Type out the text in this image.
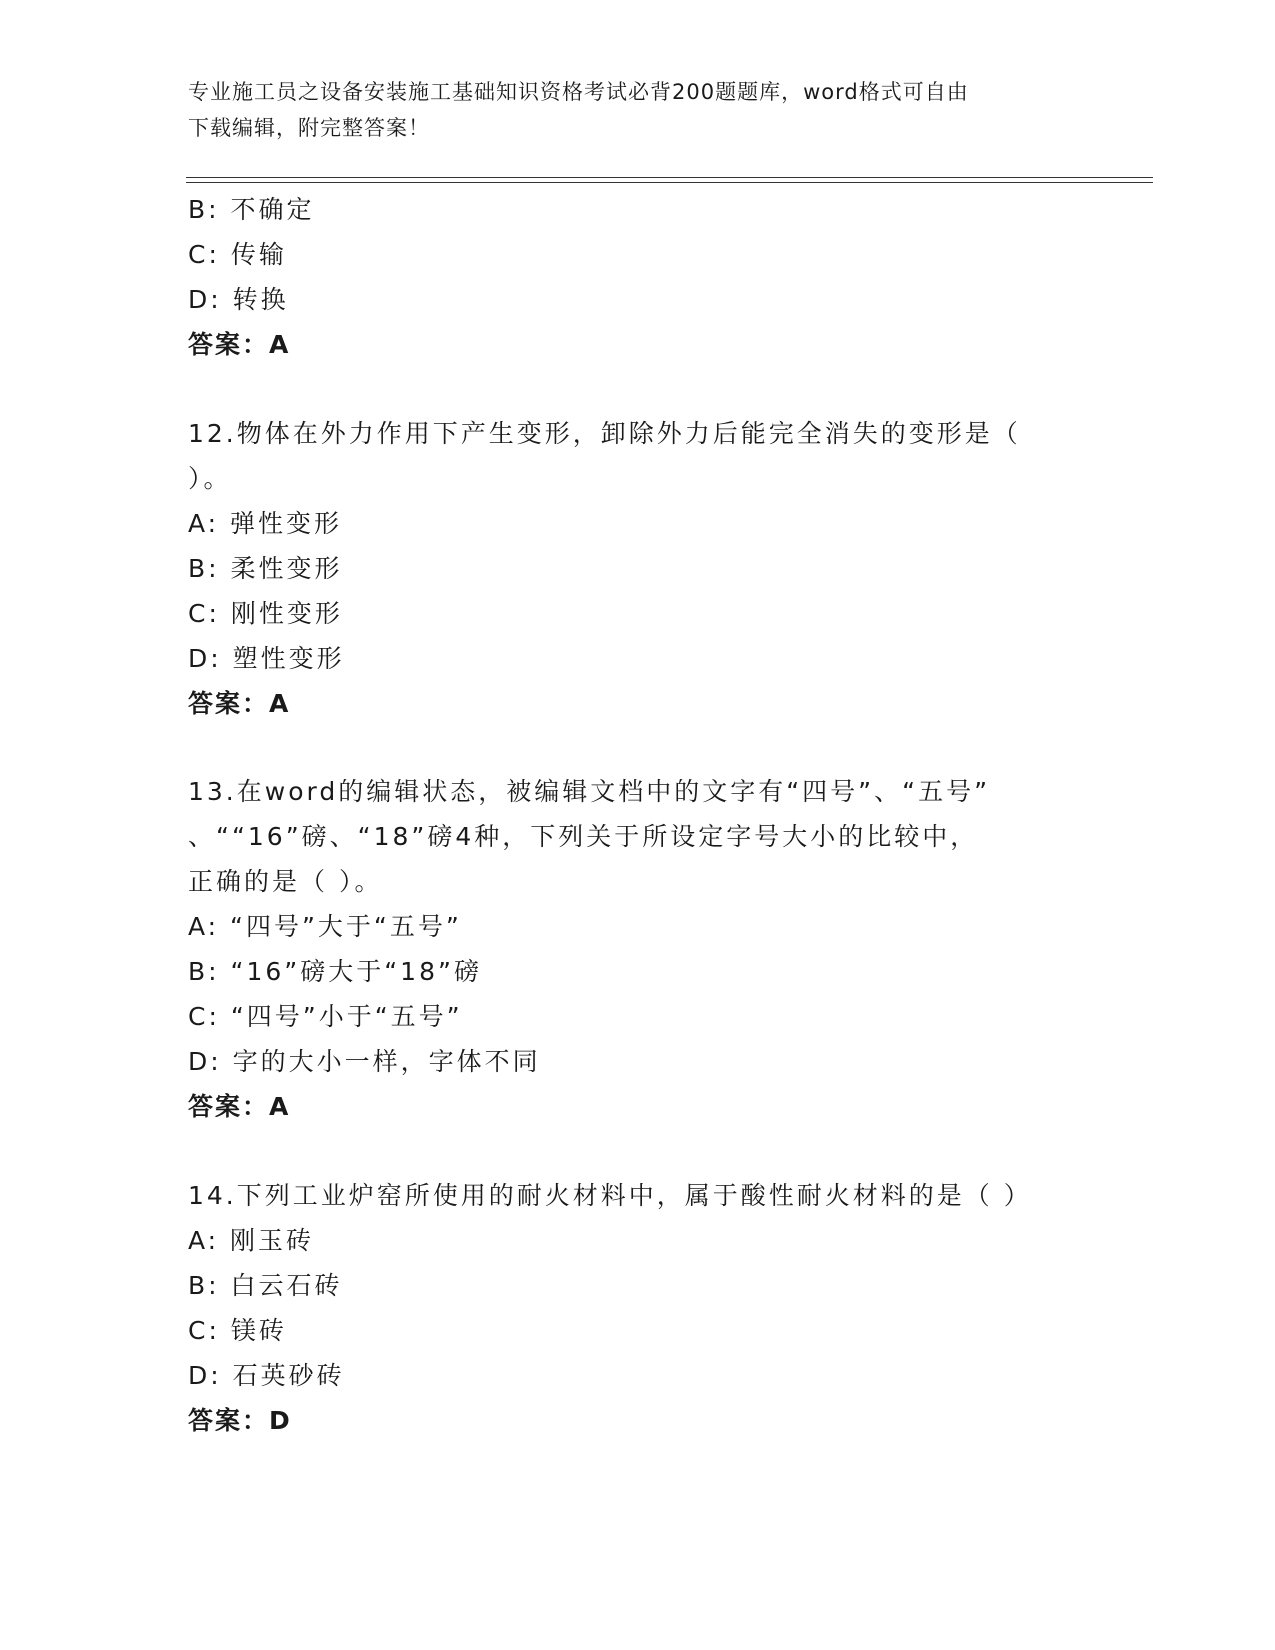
专业施工员之设备安装施工基础知识资格考试必背200题题库，word格式可自由
下载编辑，附完整答案！
B: 不确定
C: 传输
D: 转换
答案：A
12.物体在外力作用下产生变形，卸除外力后能完全消失的变形是（
）。
A: 弹性变形
B: 柔性变形
C: 刚性变形
D: 塑性变形
答案：A
13.在word的编辑状态，被编辑文档中的文字有“四号”、“五号”
、““16”磅、“18”磅4种，下列关于所设定字号大小的比较中，
正确的是（ ）。
A: “四号”大于“五号”
B: “16”磅大于“18”磅
C: “四号”小于“五号”
D: 字的大小一样，字体不同
答案：A
14.下列工业炉窑所使用的耐火材料中，属于酸性耐火材料的是（ ）
A: 刚玉砖
B: 白云石砖
C: 镁砖
D: 石英砂砖
答案：D
